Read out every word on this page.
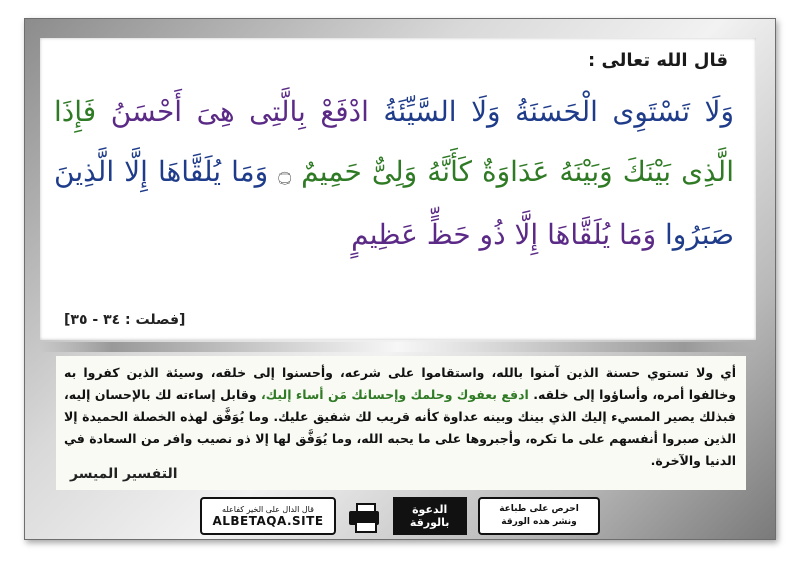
قال الله تعالى :
وَلَا تَسْتَوِى الْحَسَنَةُ وَلَا السَّيِّئَةُ ادْفَعْ بِالَّتِى هِىَ أَحْسَنُ فَإِذَا الَّذِى بَيْنَكَ وَبَيْنَهُ عَدَاوَةٌ كَأَنَّهُ وَلِىٌّ حَمِيمٌ ۝ وَمَا يُلَقَّاهَا إِلَّا الَّذِينَ صَبَرُوا وَمَا يُلَقَّاهَا إِلَّا ذُو حَظٍّ عَظِيمٍ
[فصلت : ٣٤ - ٣٥]
أي ولا تستوي حسنة الذين آمنوا بالله، واستقاموا على شرعه، وأحسنوا إلى خلقه، وسيئة الذين كفروا به وخالفوا أمره، وأساؤوا إلى خلقه. ادفع بعفوك وحلمك وإحسانك مَن أساء إليك، وقابل إساءته لك بالإحسان إليه، فبذلك يصير المسيء إليك الذي بينك وبينه عداوة كأنه قريب لك شفيق عليك. وما يُوَفَّق لهذه الخصلة الحميدة إلا الذين صبروا أنفسهم على ما تكره، وأجبروها على ما يحبه الله، وما يُوَفَّق لها إلا ذو نصيب وافر من السعادة في الدنيا والآخرة.
التفسير الميسر
قال الدال على الخير كفاعله
ALBETAQA.SITE
الدعوة بالورقة
احرص على طباعة
ونشر هذه الورقة
